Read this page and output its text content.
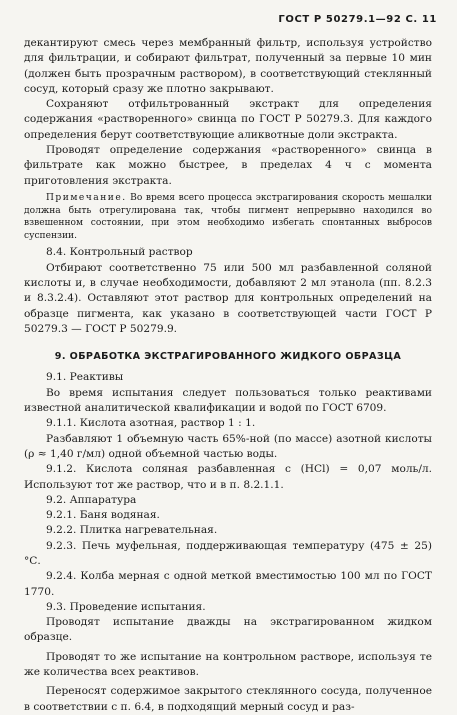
ГОСТ Р 50279.1—92 С. 11

декантируют смесь через мембранный фильтр, используя устройство для фильтрации, и собирают фильтрат, полученный за первые 10 мин (должен быть прозрачным раствором), в соответствующий стеклянный сосуд, который сразу же плотно закрывают.

Сохраняют отфильтрованный экстракт для определения содержания «растворенного» свинца по ГОСТ Р 50279.3. Для каждого определения берут соответствующие аликвотные доли экстракта.

Проводят определение содержания «растворенного» свинца в фильтрате как можно быстрее, в пределах 4 ч с момента приготовления экстракта.

Примечание. Во время всего процесса экстрагирования скорость мешалки должна быть отрегулирована так, чтобы пигмент непрерывно находился во взвешенном состоянии, при этом необходимо избегать спонтанных выбросов суспензии.

8.4. Контрольный раствор

Отбирают соответственно 75 или 500 мл разбавленной соляной кислоты и, в случае необходимости, добавляют 2 мл этанола (пп. 8.2.3 и 8.3.2.4). Оставляют этот раствор для контрольных определений на образце пигмента, как указано в соответствующей части ГОСТ Р 50279.3 — ГОСТ Р 50279.9.

9. ОБРАБОТКА ЭКСТРАГИРОВАННОГО ЖИДКОГО ОБРАЗЦА

9.1. Реактивы

Во время испытания следует пользоваться только реактивами известной аналитической квалификации и водой по ГОСТ 6709.

9.1.1. Кислота азотная, раствор 1 : 1.

Разбавляют 1 объемную часть 65%-ной (по массе) азотной кислоты (ρ ≈ 1,40 г/мл) одной объемной частью воды.

9.1.2. Кислота соляная разбавленная c (HCl) = 0,07 моль/л. Используют тот же раствор, что и в п. 8.2.1.1.

9.2. Аппаратура

9.2.1. Баня водяная.

9.2.2. Плитка нагревательная.

9.2.3. Печь муфельная, поддерживающая температуру (475 ± 25) °С.

9.2.4. Колба мерная с одной меткой вместимостью 100 мл по ГОСТ 1770.

9.3. Проведение испытания.

Проводят испытание дважды на экстрагированном жидком образце.

Проводят то же испытание на контрольном растворе, используя те же количества всех реактивов.

Переносят содержимое закрытого стеклянного сосуда, полученное в соответствии с п. 6.4, в подходящий мерный сосуд и раз-
